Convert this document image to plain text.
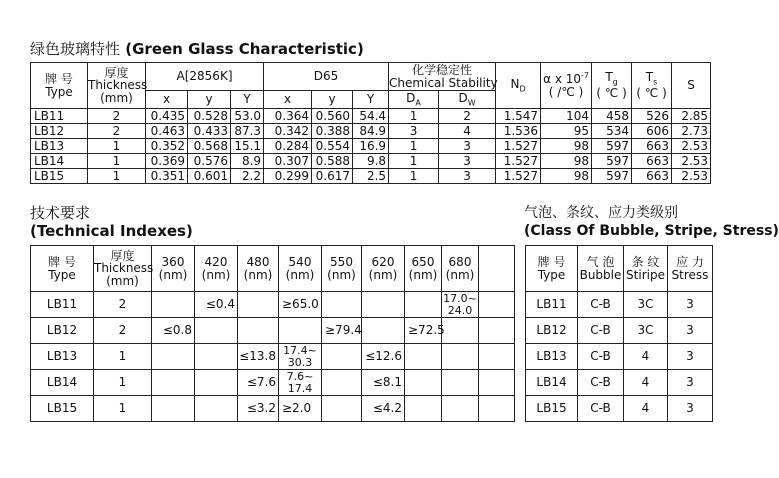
绿色玻璃特性 (Green Glass Characteristic)
牌 号
Type	厚度
Thickness
(mm)	A[2856K]			D65			化学稳定性
Chemical Stability		$N_D$	α x $10^{-7}$
( /℃ )	$T_g$
( ℃ )	$T_s$
( ℃ )	S
		x	y	Y	x	y	Y	$D_A$	$D_W$
LB11	2	0.435	0.528	53.0	0.364	0.560	54.4	1	2	1.547	104	458	526	2.85
LB12	2	0.463	0.433	87.3	0.342	0.388	84.9	3	4	1.536	95	534	606	2.73
LB13	1	0.352	0.568	15.1	0.284	0.554	16.9	1	3	1.527	98	597	663	2.53
LB14	1	0.369	0.576	8.9	0.307	0.588	9.8	1	3	1.527	98	597	663	2.53
LB15	1	0.351	0.601	2.2	0.299	0.617	2.5	1	3	1.527	98	597	663	2.53
技术要求
(Technical Indexes)
牌 号
Type	厚度
Thickness
(mm)	360
(nm)	420
(nm)	480
(nm)	540
(nm)	550
(nm)	620
(nm)	650
(nm)	680
(nm)	
LB11	2		≤0.4		≥65.0				17.0~ 24.0	
LB12	2	≤0.8				≥79.4		≥72.5		
LB13	1			≤13.8	17.4~ 30.3		≤12.6			
LB14	1			≤7.6	7.6~ 17.4		≤8.1			
LB15	1			≤3.2	≥2.0		≤4.2			
气泡、条纹、应力类级别
(Class Of Bubble, Stripe, Stress)
牌 号
Type	气 泡
Bubble	条 纹
Stiripe	应 力
Stress
LB11	C-B	3C	3
LB12	C-B	3C	3
LB13	C-B	4	3
LB14	C-B	4	3
LB15	C-B	4	3
